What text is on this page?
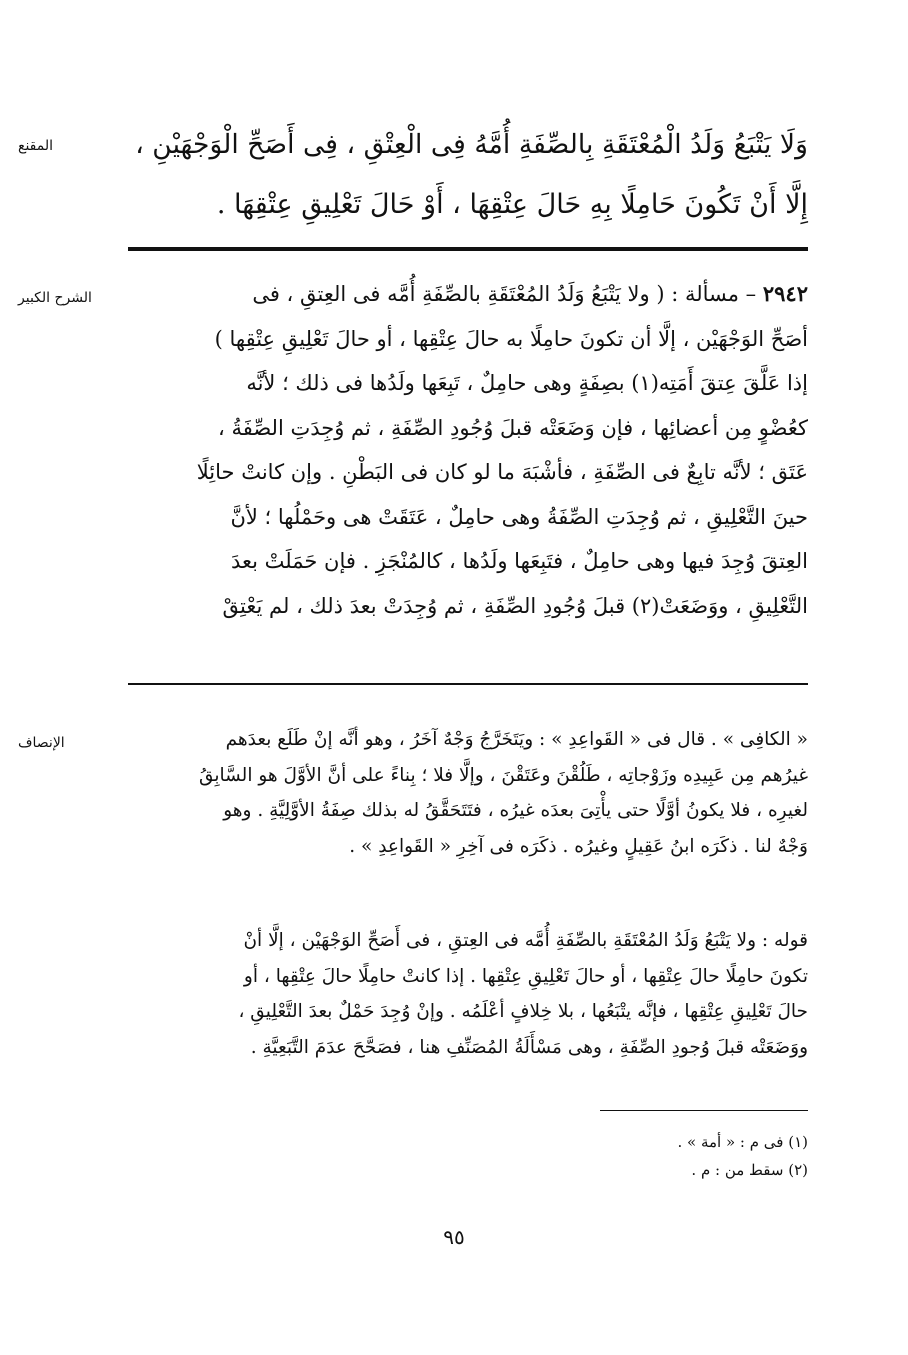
المقنع	وَلَا يَتْبَعُ وَلَدُ الْمُعْتَقَةِ بِالصِّفَةِ أُمَّهُ فِى الْعِتْقِ ، فِى أَصَحِّ الْوَجْهَيْنِ ،
إِلَّا أَنْ تَكُونَ حَامِلًا بِهِ حَالَ عِتْقِهَا ، أَوْ حَالَ تَعْلِيقِ عِتْقِهَا .
الشرح الكبير	٢٩٤٢ – مسألة : ( ولا يَتْبَعُ وَلَدُ المُعْتَقَةِ بالصِّفَةِ أُمَّه فى العِتقِ ، فى
أصَحِّ الوَجْهَيْن ، إلَّا أن تكونَ حامِلًا به حالَ عِتْقِها ، أو حالَ تَعْلِيقِ عِتْقِها )
إذا عَلَّقَ عِتقَ أَمَتِه(١) بصِفَةٍ وهى حامِلٌ ، تَبِعَها ولَدُها فى ذلك ؛ لأنَّه
كعُضْوٍ مِن أعضائِها ، فإن وَضَعَتْه قبلَ وُجُودِ الصِّفَةِ ، ثم وُجِدَتِ الصِّفَةُ ،
عَتَق ؛ لأنَّه تابِعٌ فى الصِّفَةِ ، فأشْبَهَ ما لو كان فى البَطْنِ . وإن كانتْ حائِلًا
حينَ التَّعْلِيقِ ، ثم وُجِدَتِ الصِّفَةُ وهى حامِلٌ ، عَتَقَتْ هى وحَمْلُها ؛ لأنَّ
العِتقَ وُجِدَ فيها وهى حامِلٌ ، فتَبِعَها ولَدُها ، كالمُنْجَزِ . فإن حَمَلَتْ بعدَ
التَّعْلِيقِ ، ووَضَعَتْ(٢) قبلَ وُجُودِ الصِّفَةِ ، ثم وُجِدَتْ بعدَ ذلك ، لم يَعْتِقْ
الإنصاف	« الكافِى » . قال فى « القَواعِدِ » : ويَتَخَرَّجُ وَجْهٌ آخَرُ ، وهو أنَّه إنْ طَلَع بعدَهم
غيرُهم مِن عَبِيدِه وزَوْجاتِه ، طَلُقْنَ وعَتَقْنَ ، وإلَّا فلا ؛ بِناءً على أنَّ الأوَّلَ هو السَّابِقُ
لغيرِه ، فلا يكونُ أوَّلًا حتى يأْتِىَ بعدَه غيرُه ، فتَتَحَقَّقُ له بذلك صِفَةُ الأوَّلِيَّةِ . وهو
وَجْهٌ لنا . ذكَرَه ابنُ عَقِيلٍ وغيرُه . ذكَرَه فى آخِرِ « القَواعِدِ » .
قوله : ولا يَتْبَعُ وَلَدُ المُعْتَقَةِ بالصِّفَةِ أُمَّه فى العِتقِ ، فى أَصَحِّ الوَجْهَيْن ، إلَّا أنْ
تكونَ حامِلًا حالَ عِتْقِها ، أو حالَ تَعْلِيقِ عِتْقِها . إذا كانتْ حامِلًا حالَ عِتْقِها ، أو
حالَ تَعْلِيقِ عِتْقِها ، فإنَّه يتْبَعُها ، بلا خِلافٍ أعْلَمُه . وإنْ وُجِدَ حَمْلٌ بعدَ التَّعْلِيقِ ،
ووَضَعَتْه قبلَ وُجودِ الصِّفَةِ ، وهى مَسْأَلَةُ المُصَنِّفِ هنا ، فصَحَّحَ عدَمَ التَّبَعِيَّةِ .
(١) فى م : « أمة » .
(٢) سقط من : م .
٩٥
